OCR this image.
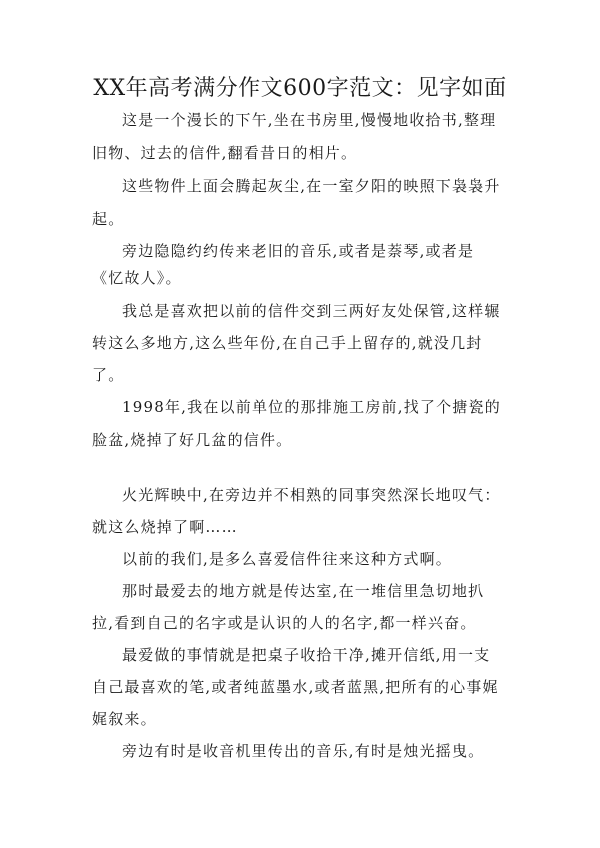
XX年高考满分作文600字范文：见字如面
这是一个漫长的下午,坐在书房里,慢慢地收拾书,整理
旧物、过去的信件,翻看昔日的相片。
这些物件上面会腾起灰尘,在一室夕阳的映照下袅袅升
起。
旁边隐隐约约传来老旧的音乐,或者是萘琴,或者是
《忆故人》。
我总是喜欢把以前的信件交到三两好友处保管,这样辗
转这么多地方,这么些年份,在自己手上留存的,就没几封
了。
1998年,我在以前单位的那排施工房前,找了个搪瓷的
脸盆,烧掉了好几盆的信件。
火光辉映中,在旁边并不相熟的同事突然深长地叹气：
就这么烧掉了啊……
以前的我们,是多么喜爱信件往来这种方式啊。
那时最爱去的地方就是传达室,在一堆信里急切地扒
拉,看到自己的名字或是认识的人的名字,都一样兴奋。
最爱做的事情就是把桌子收拾干净,摊开信纸,用一支
自己最喜欢的笔,或者纯蓝墨水,或者蓝黑,把所有的心事娓
娓叙来。
旁边有时是收音机里传出的音乐,有时是烛光摇曳。
